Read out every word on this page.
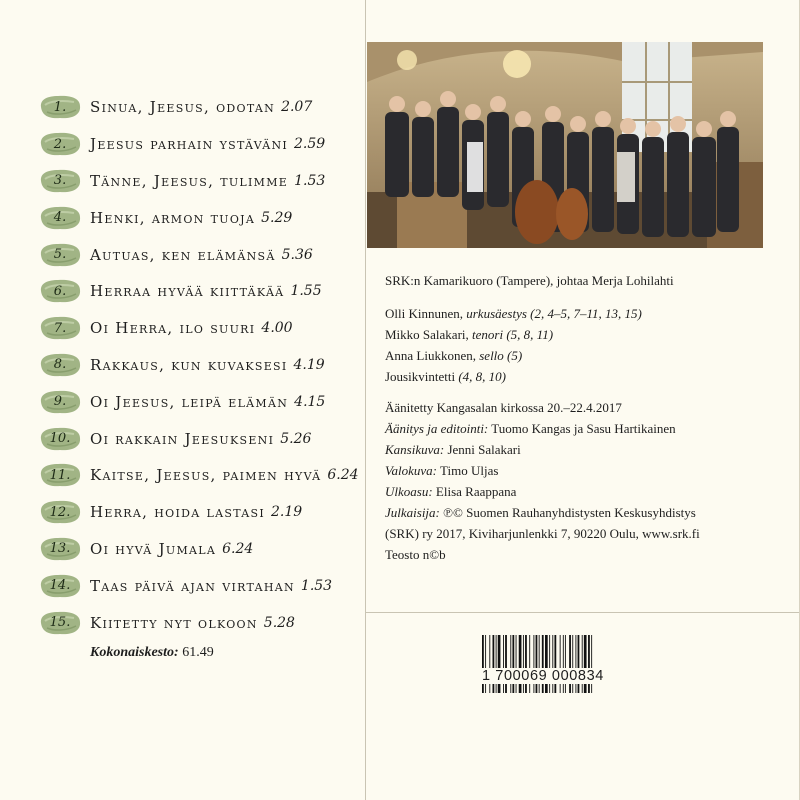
1. Sinua, Jeesus, odotan 2.07
2. Jeesus parhain ystäväni 2.59
3. Tänne, Jeesus, tulimme 1.53
4. Henki, armon tuoja 5.29
5. Autuas, ken elämänsä 5.36
6. Herraa hyvää kiittäkää 1.55
7. Oi Herra, ilo suuri 4.00
8. Rakkaus, kun kuvaksesi 4.19
9. Oi Jeesus, leipä elämän 4.15
10. Oi rakkain Jeesukseni 5.26
11. Kaitse, Jeesus, paimen hyvä 6.24
12. Herra, hoida lastasi 2.19
13. Oi hyvä Jumala 6.24
14. Taas päivä ajan virtahan 1.53
15. Kiitetty nyt olkoon 5.28
Kokonaiskesto: 61.49

SRK:n Kamarikuoro (Tampere), johtaa Merja Lohilahti

Olli Kinnunen, urkusäestys (2, 4–5, 7–11, 13, 15)

Mikko Salakari, tenori (5, 8, 11)

Anna Liukkonen, sello (5)

Jousikvintetti (4, 8, 10)

Äänitetty Kangasalan kirkossa 20.–22.4.2017

Äänitys ja editointi: Tuomo Kangas ja Sasu Hartikainen

Kansikuva: Jenni Salakari

Valokuva: Timo Uljas

Ulkoasu: Elisa Raappana

Julkaisija: ℗© Suomen Rauhanyhdistysten Keskusyhdistys

(SRK) ry 2017, Kiviharjunlenkki 7, 90220 Oulu, www.srk.fi

Teosto n©b

1 700069 000834
